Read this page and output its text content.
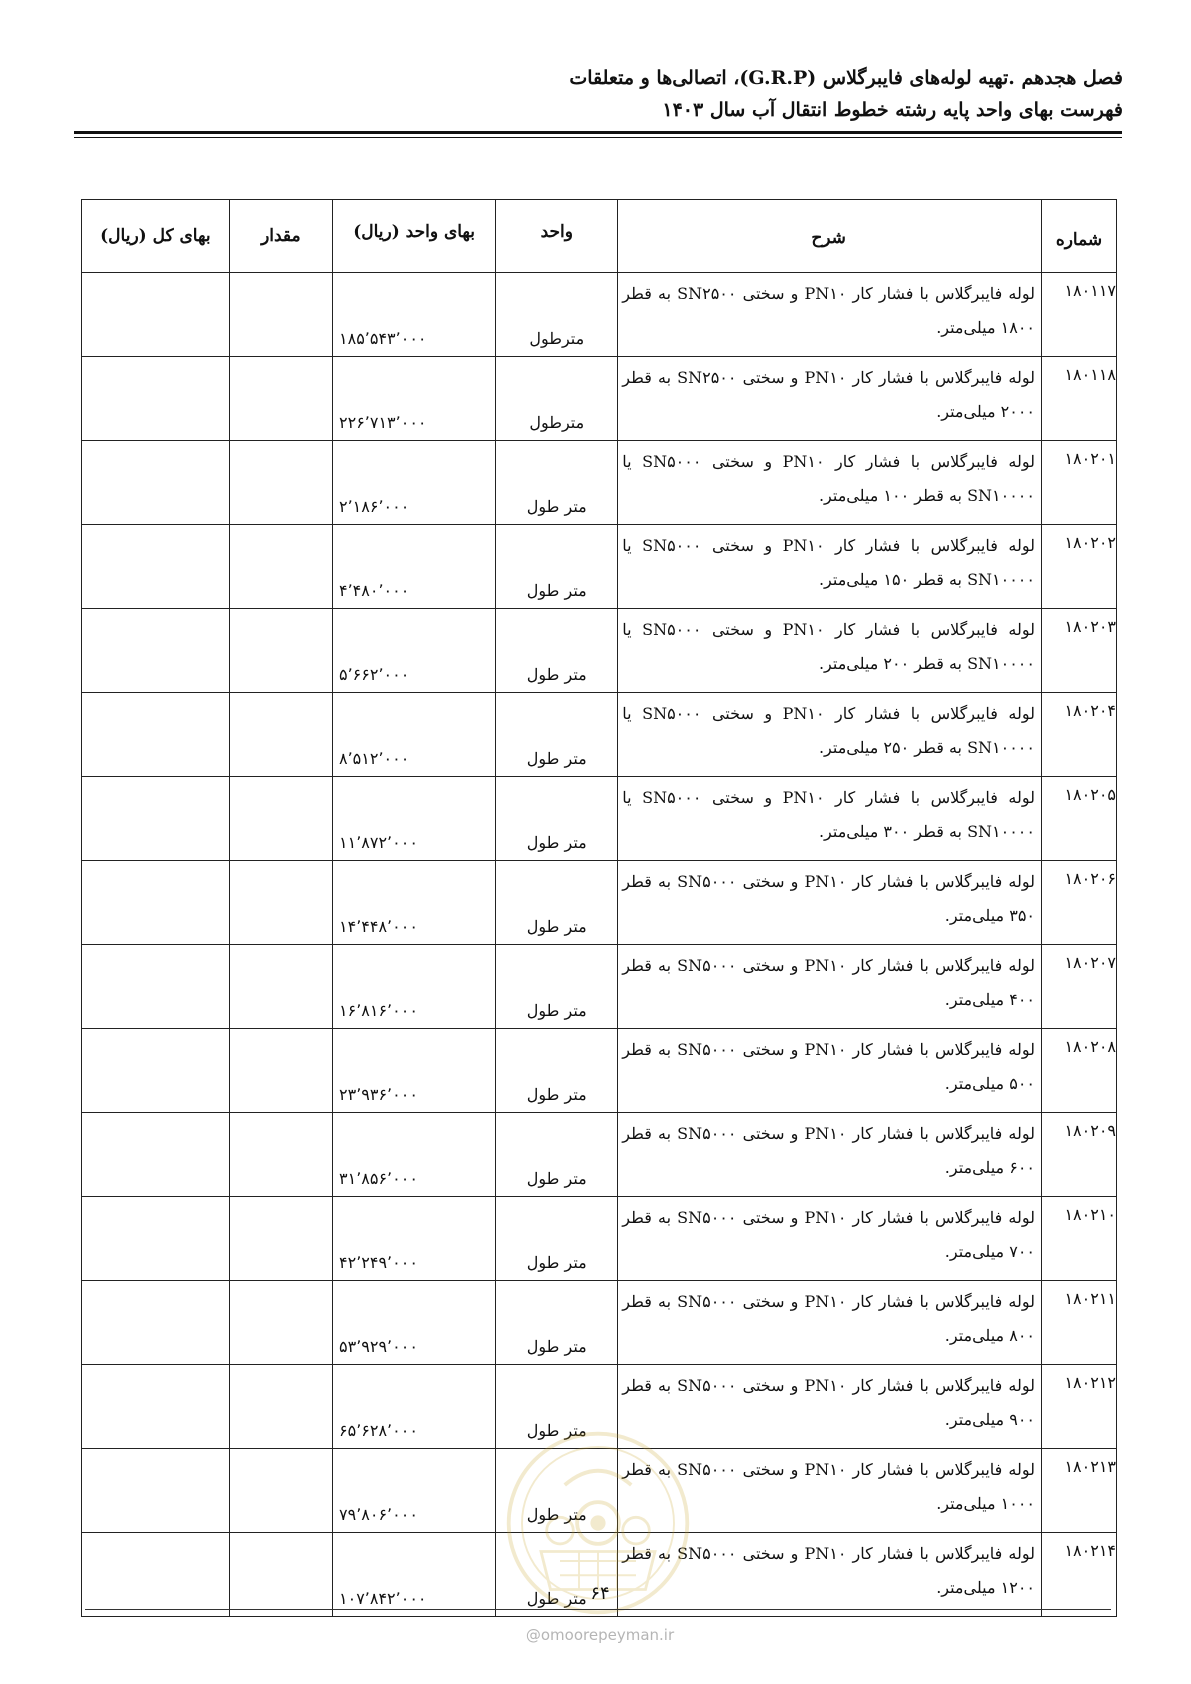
فصل هجدهم .تهیه لوله‌های فایبرگلاس (G.R.P)، اتصالی‌ها و متعلقات
فهرست بهای واحد پایه رشته خطوط انتقال آب سال ۱۴۰۳
شماره	شرح	واحد	بهای واحد (ریال)	مقدار	بهای کل (ریال)
۱۸۰۱۱۷	لوله فایبرگلاس با فشار کار PN۱۰ و سختی SN۲۵۰۰ به قطر ۱۸۰۰ میلی‌متر.	مترطول	۱۸۵٬۵۴۳٬۰۰۰		
۱۸۰۱۱۸	لوله فایبرگلاس با فشار کار PN۱۰ و سختی SN۲۵۰۰ به قطر ۲۰۰۰ میلی‌متر.	مترطول	۲۲۶٬۷۱۳٬۰۰۰		
۱۸۰۲۰۱	لوله فایبرگلاس با فشار کار PN۱۰ و سختی SN۵۰۰۰ یا SN۱۰۰۰۰ به قطر ۱۰۰ میلی‌متر.	متر طول	۲٬۱۸۶٬۰۰۰		
۱۸۰۲۰۲	لوله فایبرگلاس با فشار کار PN۱۰ و سختی SN۵۰۰۰ یا SN۱۰۰۰۰ به قطر ۱۵۰ میلی‌متر.	متر طول	۴٬۴۸۰٬۰۰۰		
۱۸۰۲۰۳	لوله فایبرگلاس با فشار کار PN۱۰ و سختی SN۵۰۰۰ یا SN۱۰۰۰۰ به قطر ۲۰۰ میلی‌متر.	متر طول	۵٬۶۶۲٬۰۰۰		
۱۸۰۲۰۴	لوله فایبرگلاس با فشار کار PN۱۰ و سختی SN۵۰۰۰ یا SN۱۰۰۰۰ به قطر ۲۵۰ میلی‌متر.	متر طول	۸٬۵۱۲٬۰۰۰		
۱۸۰۲۰۵	لوله فایبرگلاس با فشار کار PN۱۰ و سختی SN۵۰۰۰ یا SN۱۰۰۰۰ به قطر ۳۰۰ میلی‌متر.	متر طول	۱۱٬۸۷۲٬۰۰۰		
۱۸۰۲۰۶	لوله فایبرگلاس با فشار کار PN۱۰ و سختی SN۵۰۰۰ به قطر ۳۵۰ میلی‌متر.	متر طول	۱۴٬۴۴۸٬۰۰۰		
۱۸۰۲۰۷	لوله فایبرگلاس با فشار کار PN۱۰ و سختی SN۵۰۰۰ به قطر ۴۰۰ میلی‌متر.	متر طول	۱۶٬۸۱۶٬۰۰۰		
۱۸۰۲۰۸	لوله فایبرگلاس با فشار کار PN۱۰ و سختی SN۵۰۰۰ به قطر ۵۰۰ میلی‌متر.	متر طول	۲۳٬۹۳۶٬۰۰۰		
۱۸۰۲۰۹	لوله فایبرگلاس با فشار کار PN۱۰ و سختی SN۵۰۰۰ به قطر ۶۰۰ میلی‌متر.	متر طول	۳۱٬۸۵۶٬۰۰۰		
۱۸۰۲۱۰	لوله فایبرگلاس با فشار کار PN۱۰ و سختی SN۵۰۰۰ به قطر ۷۰۰ میلی‌متر.	متر طول	۴۲٬۲۴۹٬۰۰۰		
۱۸۰۲۱۱	لوله فایبرگلاس با فشار کار PN۱۰ و سختی SN۵۰۰۰ به قطر ۸۰۰ میلی‌متر.	متر طول	۵۳٬۹۲۹٬۰۰۰		
۱۸۰۲۱۲	لوله فایبرگلاس با فشار کار PN۱۰ و سختی SN۵۰۰۰ به قطر ۹۰۰ میلی‌متر.	متر طول	۶۵٬۶۲۸٬۰۰۰		
۱۸۰۲۱۳	لوله فایبرگلاس با فشار کار PN۱۰ و سختی SN۵۰۰۰ به قطر ۱۰۰۰ میلی‌متر.	متر طول	۷۹٬۸۰۶٬۰۰۰		
۱۸۰۲۱۴	لوله فایبرگلاس با فشار کار PN۱۰ و سختی SN۵۰۰۰ به قطر ۱۲۰۰ میلی‌متر.	متر طول	۱۰۷٬۸۴۲٬۰۰۰			۶۴
@omoorepeyman.ir
